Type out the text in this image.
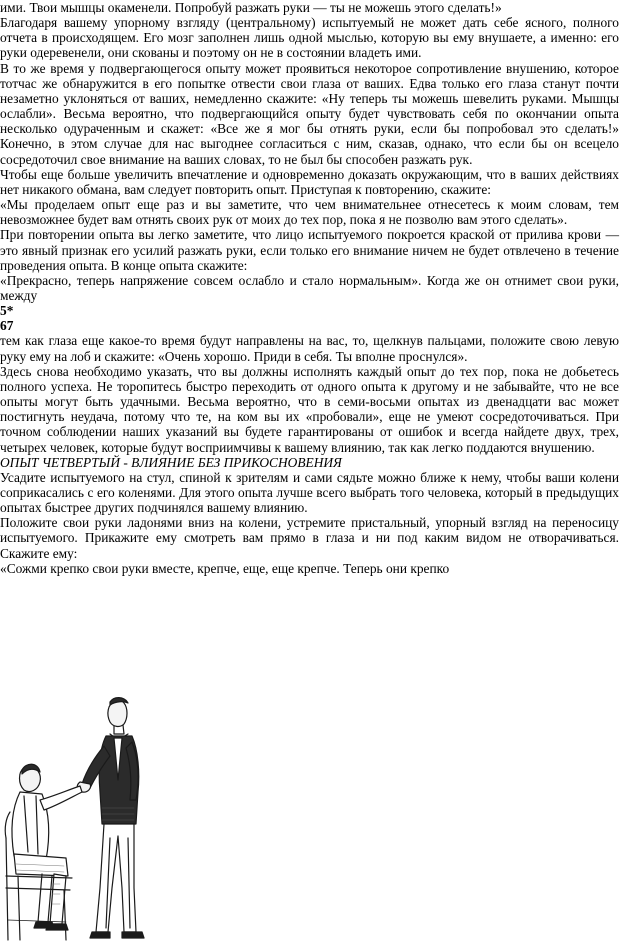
ими. Твои мышцы окаменели. Попробуй разжать руки — ты не можешь этого сделать!»

Благодаря вашему упорному взгляду (центральному) испытуемый не может дать себе ясного, полного отчета в происходящем. Его мозг заполнен лишь одной мыслью, которую вы ему внушаете, а именно: его руки одеревенели, они скованы и поэтому он не в состоянии владеть ими.

В то же время у подвергающегося опыту может проявиться некоторое сопротивление внушению, которое тотчас же обнаружится в его попытке отвести свои глаза от ваших. Едва только его глаза станут почти незаметно уклоняться от ваших, немедленно скажите: «Ну теперь ты можешь шевелить руками. Мышцы ослабли». Весьма вероятно, что подвергающийся опыту будет чувствовать себя по окончании опыта несколько одураченным и скажет: «Все же я мог бы отнять руки, если бы попробовал это сделать!» Конечно, в этом случае для нас выгоднее согласиться с ним, сказав, однако, что если бы он всецело сосредоточил свое внимание на ваших словах, то не был бы способен разжать рук.

Чтобы еще больше увеличить впечатление и одновременно доказать окружающим, что в ваших действиях нет никакого обмана, вам следует повторить опыт. Приступая к повторению, скажите:

«Мы проделаем опыт еще раз и вы заметите, что чем внимательнее отнесетесь к моим словам, тем невозможнее будет вам отнять своих рук от моих до тех пор, пока я не позволю вам этого сделать».

При повторении опыта вы легко заметите, что лицо испытуемого покроется краской от прилива крови — это явный признак его усилий разжать руки, если только его внимание ничем не будет отвлечено в течение проведения опыта. В конце опыта скажите:

«Прекрасно, теперь напряжение совсем ослабло и стало нормальным». Когда же он отнимет свои руки, между

5*

67

тем как глаза еще какое-то время будут направлены на вас, то, щелкнув пальцами, положите свою левую руку ему на лоб и скажите: «Очень хорошо. Приди в себя. Ты вполне проснулся».

Здесь снова необходимо указать, что вы должны исполнять каждый опыт до тех пор, пока не добьетесь полного успеха. Не торопитесь быстро переходить от одного опыта к другому и не забывайте, что не все опыты могут быть удачными. Весьма вероятно, что в семи-восьми опытах из двенадцати вас может постигнуть неудача, потому что те, на ком вы их «пробовали», еще не умеют сосредоточиваться. При точном соблюдении наших указаний вы будете гарантированы от ошибок и всегда найдете двух, трех, четырех человек, которые будут восприимчивы к вашему влиянию, так как легко поддаются внушению.

ОПЫТ ЧЕТВЕРТЫЙ - ВЛИЯНИЕ БЕЗ ПРИКОСНОВЕНИЯ

Усадите испытуемого на стул, спиной к зрителям и сами сядьте можно ближе к нему, чтобы ваши колени соприкасались с его коленями. Для этого опыта лучше всего выбрать того человека, который в предыдущих опытах быстрее других подчинялся вашему влиянию.

Положите свои руки ладонями вниз на колени, устремите пристальный, упорный взгляд на переносицу испытуемого. Прикажите ему смотреть вам прямо в глаза и ни под каким видом не отворачиваться. Скажите ему:

«Сожми крепко свои руки вместе, крепче, еще, еще крепче. Теперь они крепко
